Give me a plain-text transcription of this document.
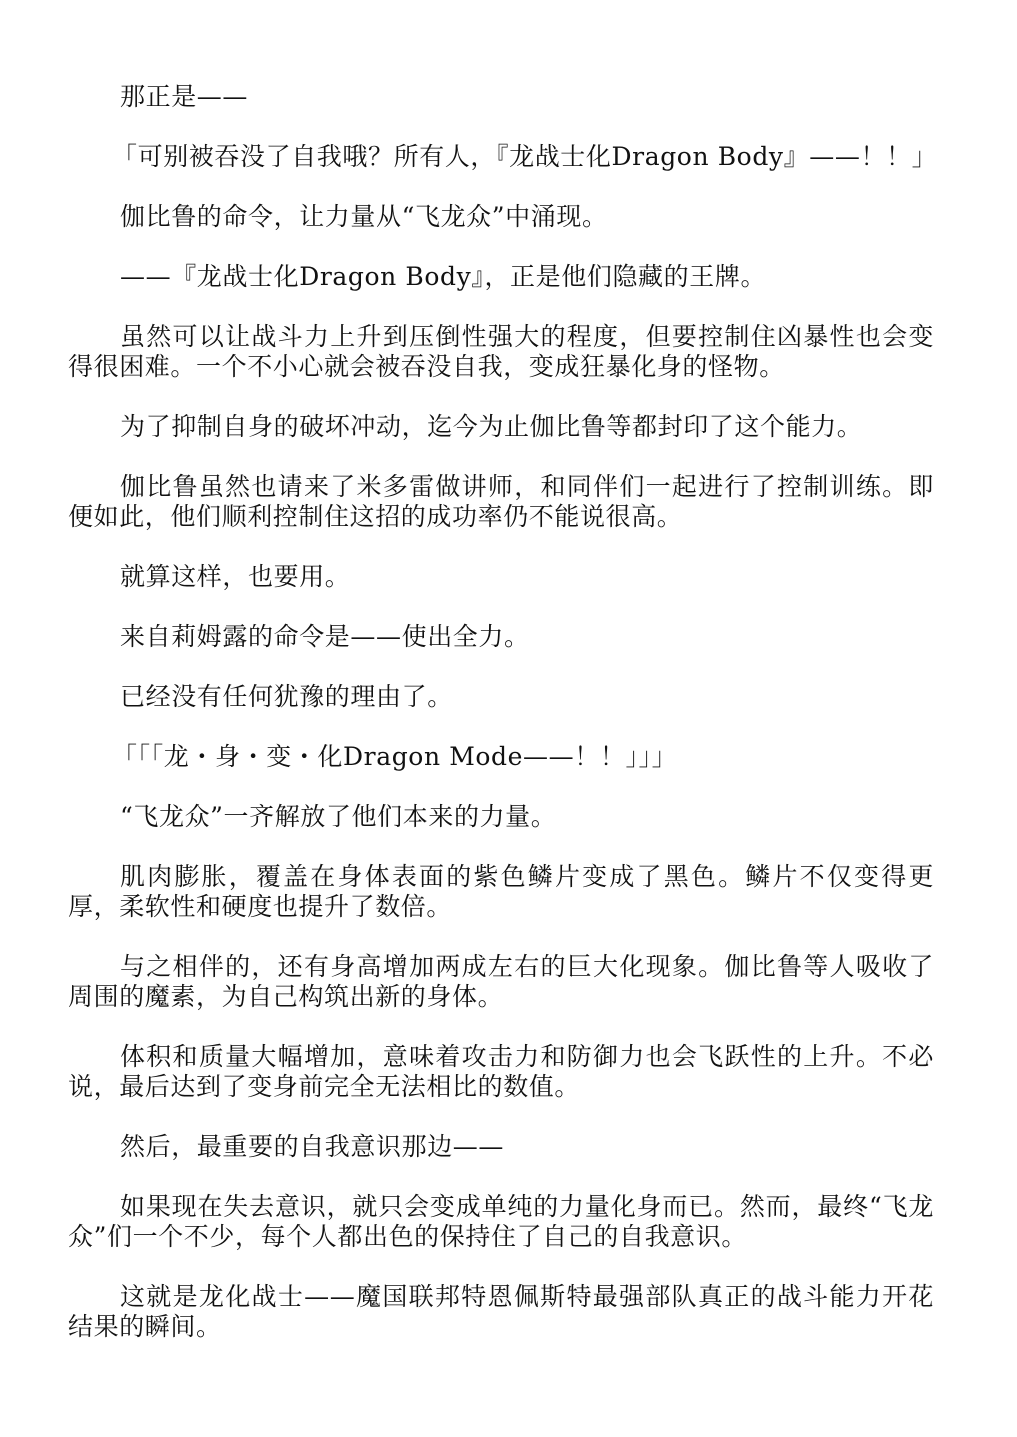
那正是——

「可别被吞没了自我哦？所有人，『龙战士化Dragon Body』——！！」

伽比鲁的命令，让力量从“飞龙众”中涌现。

——『龙战士化Dragon Body』，正是他们隐藏的王牌。

虽然可以让战斗力上升到压倒性强大的程度，但要控制住凶暴性也会变得很困难。一个不小心就会被吞没自我，变成狂暴化身的怪物。

为了抑制自身的破坏冲动，迄今为止伽比鲁等都封印了这个能力。

伽比鲁虽然也请来了米多雷做讲师，和同伴们一起进行了控制训练。即便如此，他们顺利控制住这招的成功率仍不能说很高。

就算这样，也要用。

来自莉姆露的命令是——使出全力。

已经没有任何犹豫的理由了。

「「「龙・身・变・化Dragon Mode——！！」」」

“飞龙众”一齐解放了他们本来的力量。

肌肉膨胀，覆盖在身体表面的紫色鳞片变成了黑色。鳞片不仅变得更厚，柔软性和硬度也提升了数倍。

与之相伴的，还有身高增加两成左右的巨大化现象。伽比鲁等人吸收了周围的魔素，为自己构筑出新的身体。

体积和质量大幅增加，意味着攻击力和防御力也会飞跃性的上升。不必说，最后达到了变身前完全无法相比的数值。

然后，最重要的自我意识那边——

如果现在失去意识，就只会变成单纯的力量化身而已。然而，最终“飞龙众”们一个不少，每个人都出色的保持住了自己的自我意识。

这就是龙化战士——魔国联邦特恩佩斯特最强部队真正的战斗能力开花结果的瞬间。
